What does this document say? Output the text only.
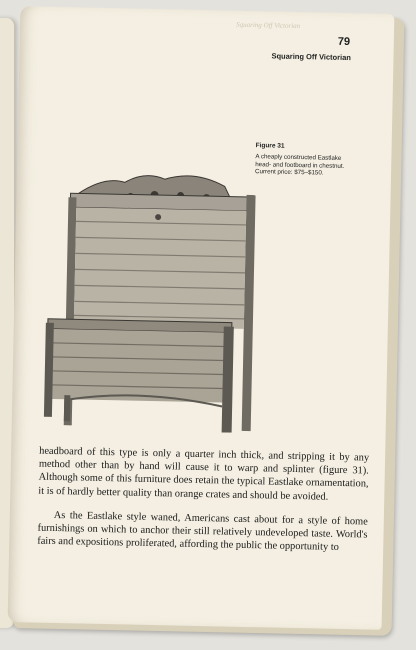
Squaring Off Victorian
79
Squaring Off Victorian
Figure 31
A cheaply constructed Eastlake head- and footboard in chestnut. Current price: $75–$150.

headboard of this type is only a quarter inch thick, and stripping it by any method other than by hand will cause it to warp and splinter (figure 31). Although some of this furniture does retain the typical Eastlake ornamentation, it is of hardly better quality than orange crates and should be avoided.

As the Eastlake style waned, Americans cast about for a style of home furnishings on which to anchor their still relatively undeveloped taste. World's fairs and expositions proliferated, affording the public the opportunity to
